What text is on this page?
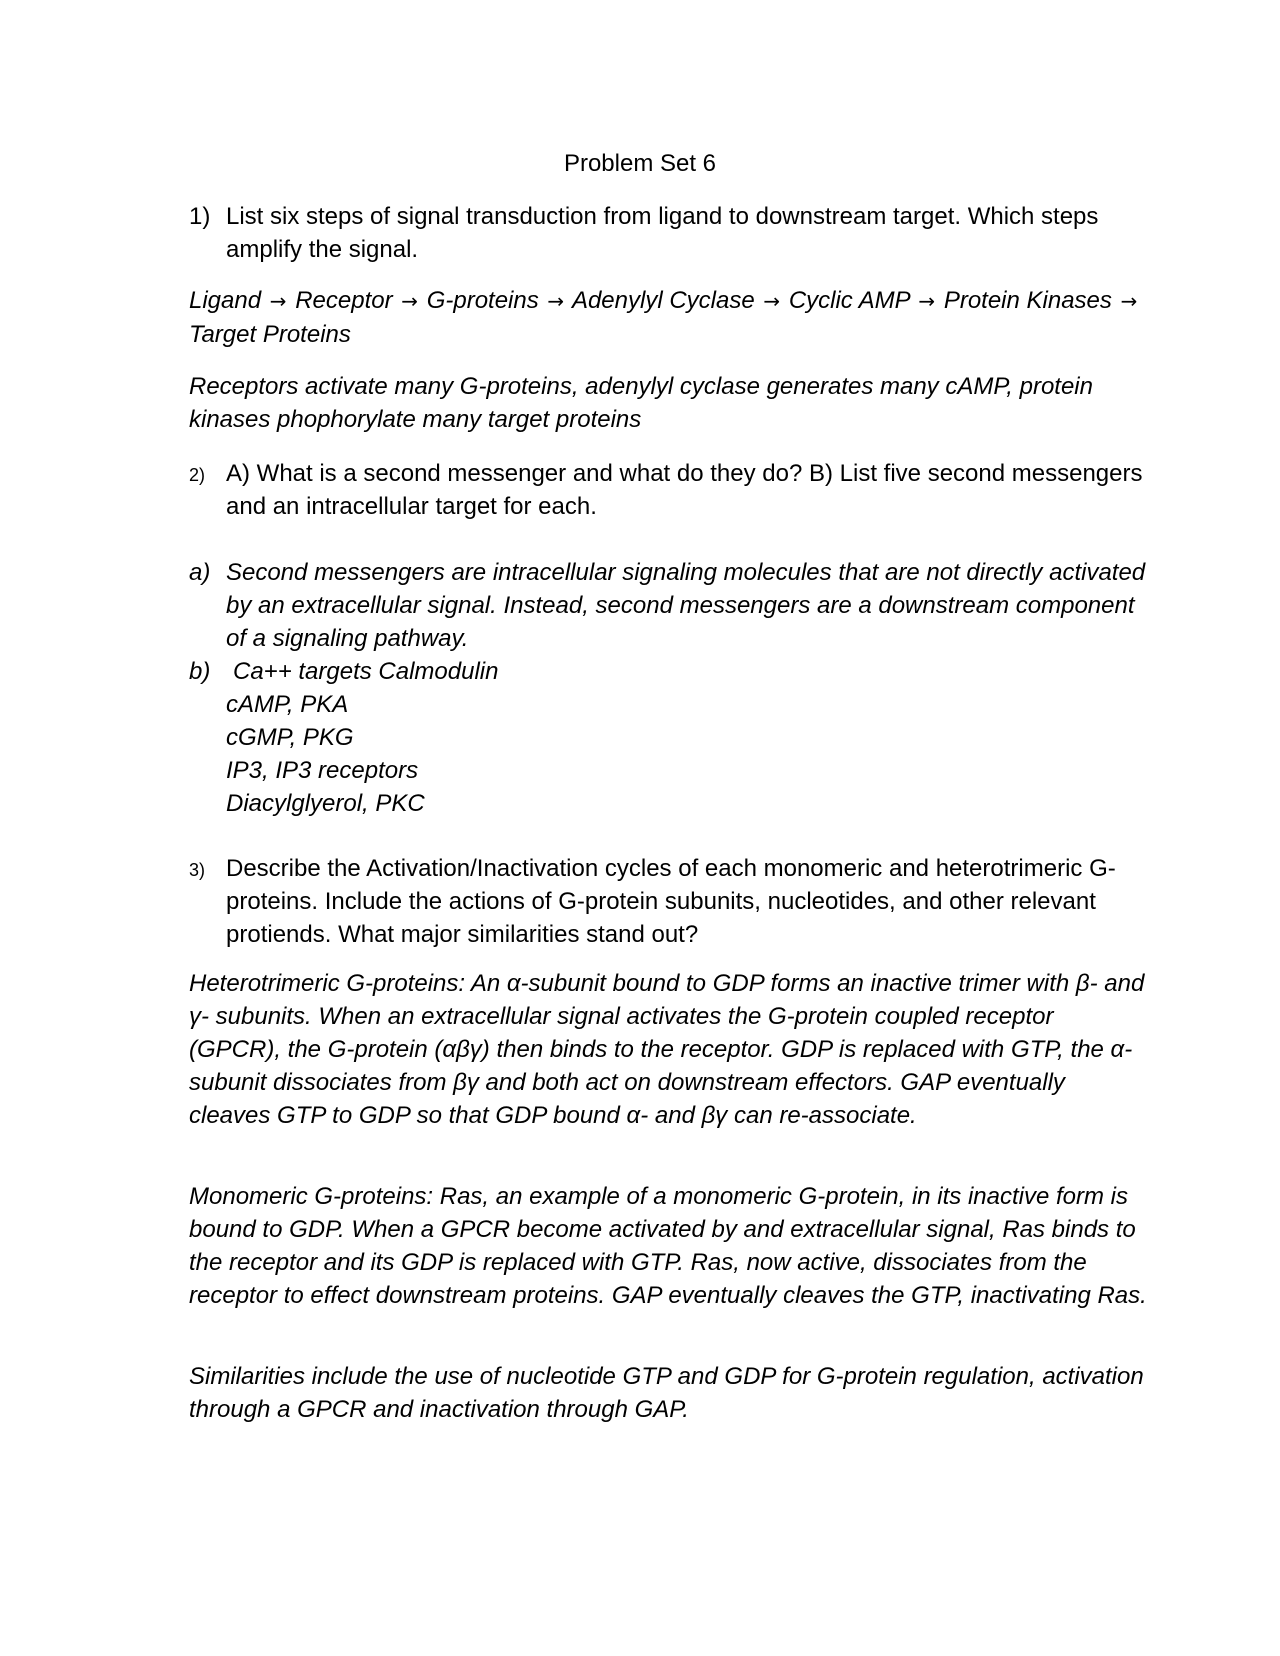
Problem Set 6
1) List six steps of signal transduction from ligand to downstream target. Which steps amplify the signal.
Ligand → Receptor → G-proteins → Adenylyl Cyclase → Cyclic AMP → Protein Kinases → Target Proteins
Receptors activate many G-proteins, adenylyl cyclase generates many cAMP, protein kinases phophorylate many target proteins
2) A) What is a second messenger and what do they do? B) List five second messengers and an intracellular target for each.
a) Second messengers are intracellular signaling molecules that are not directly activated by an extracellular signal. Instead, second messengers are a downstream component of a signaling pathway.
b) Ca++ targets Calmodulin
cAMP, PKA
cGMP, PKG
IP3, IP3 receptors
Diacylglyerol, PKC
3) Describe the Activation/Inactivation cycles of each monomeric and heterotrimeric G-proteins. Include the actions of G-protein subunits, nucleotides, and other relevant protiends. What major similarities stand out?
Heterotrimeric G-proteins: An α-subunit bound to GDP forms an inactive trimer with β- and γ- subunits. When an extracellular signal activates the G-protein coupled receptor (GPCR), the G-protein (αβγ) then binds to the receptor. GDP is replaced with GTP, the α-subunit dissociates from βγ and both act on downstream effectors. GAP eventually cleaves GTP to GDP so that GDP bound α- and βγ can re-associate.
Monomeric G-proteins: Ras, an example of a monomeric G-protein, in its inactive form is bound to GDP. When a GPCR become activated by and extracellular signal, Ras binds to the receptor and its GDP is replaced with GTP. Ras, now active, dissociates from the receptor to effect downstream proteins. GAP eventually cleaves the GTP, inactivating Ras.
Similarities include the use of nucleotide GTP and GDP for G-protein regulation, activation through a GPCR and inactivation through GAP.
